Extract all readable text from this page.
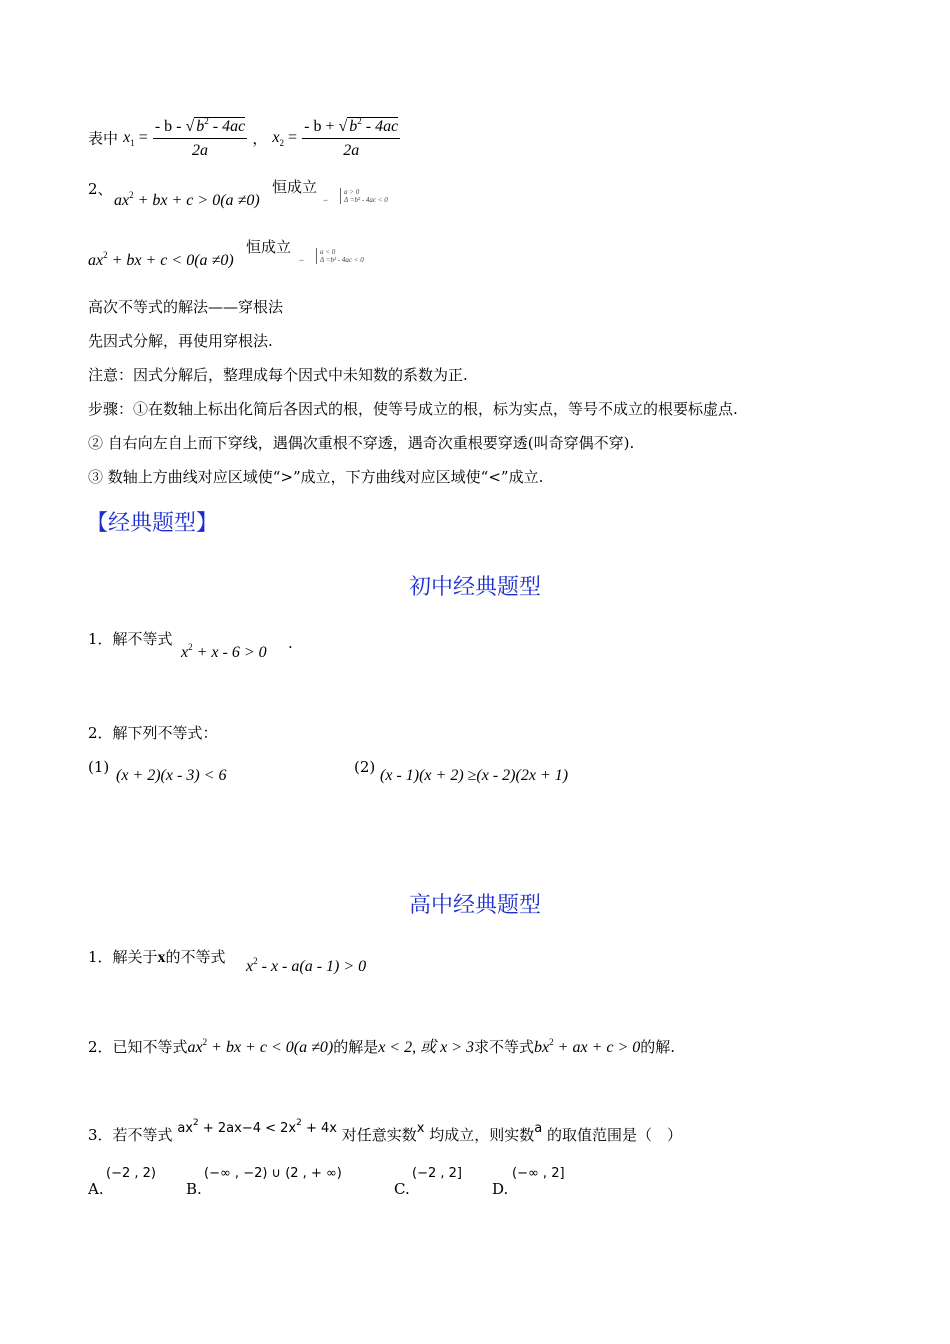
表中 $x_1 = \frac{- b - √ b^2 - 4ac}{2a}$ ， $x_2 = \frac{- b + √ b^2 - 4ac}{2a}$
2、
$ax^2$ + bx + c > 0(a ≠0)
恒成立
⇔
a > 0
Δ =b² - 4ac < 0
$ax^2$ + bx + c < 0(a ≠0)
恒成立
⇔
a < 0
Δ =b² - 4ac < 0
高次不等式的解法——穿根法
先因式分解，再使用穿根法.
注意：因式分解后，整理成每个因式中未知数的系数为正.
步骤：①在数轴上标出化简后各因式的根，使等号成立的根，标为实点，等号不成立的根要标虚点.
② 自右向左自上而下穿线，遇偶次重根不穿透，遇奇次重根要穿透(叫奇穿偶不穿).
③ 数轴上方曲线对应区域使“>”成立，下方曲线对应区域使“<”成立.
【经典题型】
初中经典题型
1．解不等式
$x^2 + x - 6 > 0$
.
2．解下列不等式：
(1) (x + 2)(x - 3) < 6	(2) (x - 1)(x + 2) ≥(x - 2)(2x + 1)
高中经典题型
1．解关于x的不等式
$x^2 - x - a(a - 1) > 0$
2．已知不等式$ax^2$ + bx + c < 0(a ≠0)的解是x < 2, 或 x > 3求不等式$bx^2$ + ax + c > 0的解.
3．若不等式 $ax^2 + 2ax-4 < 2x^2 + 4x$ 对任意实数x 均成立，则实数a 的取值范围是（　）
A.
(−2 , 2)
B.
(−∞ , −2) ∪ (2 , + ∞)
C.
(−2 , 2]
D.
(−∞ , 2]
